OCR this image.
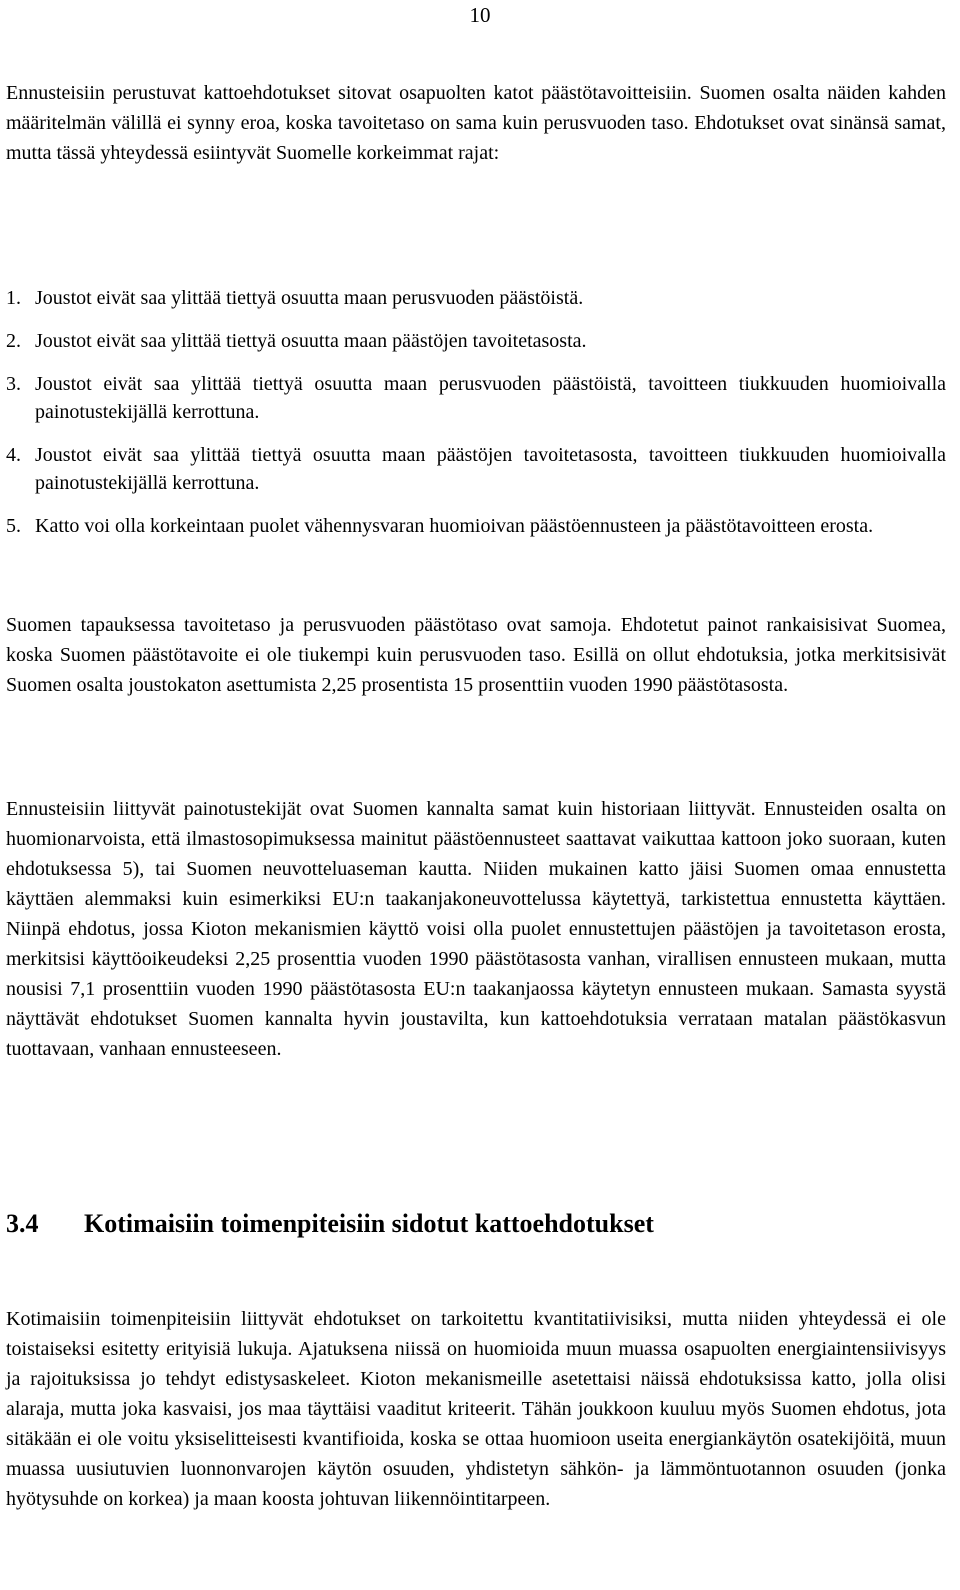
10

Ennusteisiin perustuvat kattoehdotukset sitovat osapuolten katot päästötavoitteisiin. Suomen osalta näiden kahden määritelmän välillä ei synny eroa, koska tavoitetaso on sama kuin perusvuoden taso. Ehdotukset ovat sinänsä samat, mutta tässä yhteydessä esiintyvät Suomelle korkeimmat rajat:

1. Joustot eivät saa ylittää tiettyä osuutta maan perusvuoden päästöistä.
2. Joustot eivät saa ylittää tiettyä osuutta maan päästöjen tavoitetasosta.
3. Joustot eivät saa ylittää tiettyä osuutta maan perusvuoden päästöistä, tavoitteen tiukkuuden huomioivalla painotustekijällä kerrottuna.
4. Joustot eivät saa ylittää tiettyä osuutta maan päästöjen tavoitetasosta, tavoitteen tiukkuuden huomioivalla painotustekijällä kerrottuna.
5. Katto voi olla korkeintaan puolet vähennysvaran huomioivan päästöennusteen ja päästötavoitteen erosta.

Suomen tapauksessa tavoitetaso ja perusvuoden päästötaso ovat samoja. Ehdotetut painot rankaisisivat Suomea, koska Suomen päästötavoite ei ole tiukempi kuin perusvuoden taso. Esillä on ollut ehdotuksia, jotka merkitsisivät Suomen osalta joustokaton asettumista 2,25 prosentista 15 prosenttiin vuoden 1990 päästötasosta.

Ennusteisiin liittyvät painotustekijät ovat Suomen kannalta samat kuin historiaan liittyvät. Ennusteiden osalta on huomionarvoista, että ilmastosopimuksessa mainitut päästöennusteet saattavat vaikuttaa kattoon joko suoraan, kuten ehdotuksessa 5), tai Suomen neuvotteluaseman kautta. Niiden mukainen katto jäisi Suomen omaa ennustetta käyttäen alemmaksi kuin esimerkiksi EU:n taakanjakoneuvottelussa käytettyä, tarkistettua ennustetta käyttäen. Niinpä ehdotus, jossa Kioton mekanismien käyttö voisi olla puolet ennustettujen päästöjen ja tavoitetason erosta, merkitsisi käyttöoikeudeksi 2,25 prosenttia vuoden 1990 päästötasosta vanhan, virallisen ennusteen mukaan, mutta nousisi 7,1 prosenttiin vuoden 1990 päästötasosta EU:n taakanjaossa käytetyn ennusteen mukaan. Samasta syystä näyttävät ehdotukset Suomen kannalta hyvin joustavilta, kun kattoehdotuksia verrataan matalan päästökasvun tuottavaan, vanhaan ennusteeseen.

3.4 Kotimaisiin toimenpiteisiin sidotut kattoehdotukset

Kotimaisiin toimenpiteisiin liittyvät ehdotukset on tarkoitettu kvantitatiivisiksi, mutta niiden yhteydessä ei ole toistaiseksi esitetty erityisiä lukuja. Ajatuksena niissä on huomioida muun muassa osapuolten energiaintensiivisyys ja rajoituksissa jo tehdyt edistysaskeleet. Kioton mekanismeille asetettaisi näissä ehdotuksissa katto, jolla olisi alaraja, mutta joka kasvaisi, jos maa täyttäisi vaaditut kriteerit. Tähän joukkoon kuuluu myös Suomen ehdotus, jota sitäkään ei ole voitu yksiselitteisesti kvantifioida, koska se ottaa huomioon useita energiankäytön osatekijöitä, muun muassa uusiutuvien luonnonvarojen käytön osuuden, yhdistetyn sähkön- ja lämmöntuotannon osuuden (jonka hyötysuhde on korkea) ja maan koosta johtuvan liikennöintitarpeen.
